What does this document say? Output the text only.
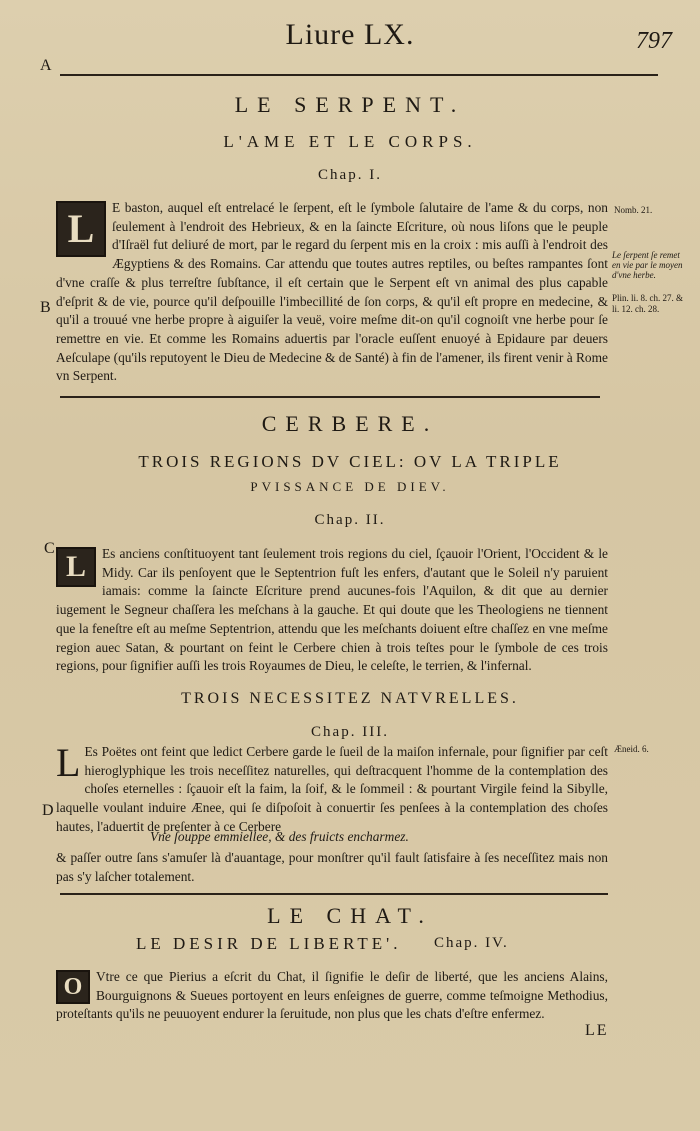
Liure LX.	797
A
LE SERPENT.
L'AME ET LE CORPS.
Chap. I.

L	E baston, auquel eſt entrelacé le ſerpent, eſt le ſymbole ſalutaire de l'ame & du corps, non ſeulement à l'endroit des Hebrieux, & en la ſaincte Eſcriture, où nous liſons que le peuple d'Iſraël fut deliuré de mort, par le regard du ſerpent mis en la croix : mis auſſi à l'endroit des Ægyptiens & des Romains. Car attendu que toutes autres reptiles, ou beſtes rampantes ſont d'vne craſſe & plus terreſtre ſubſtance, il eſt certain que le Serpent eſt vn animal des plus capable d'eſprit & de vie, pource qu'il deſpouille l'imbecillité de ſon corps, & qu'il eſt propre en medecine, & qu'il a trouué vne herbe propre à aiguiſer la veuë, voire meſme dit-on qu'il cognoiſt vne herbe pour ſe remettre en vie. Et comme les Romains aduertis par l'oracle euſſent enuoyé à Epidaure par deuers Aeſculape (qu'ils reputoyent le Dieu de Medecine & de Santé) à fin de l'amener, ils firent venir à Rome vn Serpent.

B
Nomb. 21.
Le ſerpent ſe remet en vie par le moyen d'vne herbe.
Plin. li. 8. ch. 27. & li. 12. ch. 28.
CERBERE.
TROIS REGIONS DV CIEL: OV LA TRIPLE
PVISSANCE DE DIEV.
Chap. II.
C

L	Es anciens conſtituoyent tant ſeulement trois regions du ciel, ſçauoir l'Orient, l'Occident & le Midy. Car ils penſoyent que le Septentrion fuſt les enfers, d'autant que le Soleil n'y paruient iamais: comme la ſaincte Eſcriture prend aucunes-fois l'Aquilon, & dit que au dernier iugement le Segneur chaſſera les meſchans à la gauche. Et qui doute que les Theologiens ne tiennent que la feneſtre eſt au meſme Septentrion, attendu que les meſchants doiuent eſtre chaſſez en vne meſme region auec Satan, & pourtant on feint le Cerbere chien à trois teſtes pour le ſymbole de ces trois regions, pour ſignifier auſſi les trois Royaumes de Dieu, le celeſte, le terrien, & l'infernal.

TROIS NECESSITEZ NATVRELLES.
Chap. III.

L Es Poëtes ont feint que ledict Cerbere garde le ſueil de la maiſon infernale, pour ſignifier par ceſt hieroglyphique les trois neceſſitez naturelles, qui deſtracquent l'homme de la contemplation des choſes eternelles : ſçauoir eſt la faim, la ſoif, & le ſommeil : & pourtant Virgile feind la Sibylle, laquelle voulant induire Ænee, qui ſe diſpoſoit à conuertir ſes penſees à la contemplation des choſes hautes, l'aduertit de preſenter à ce Cerbere

Æneid. 6.
D
Vne ſouppe emmiellee, & des fruicts encharmez.

& paſſer outre ſans s'amuſer là d'auantage, pour monſtrer qu'il fault ſatisfaire à ſes neceſſitez mais non pas s'y laſcher totalement.

LE CHAT.
LE DESIR DE LIBERTE'. Chap. IV.

O	Vtre ce que Pierius a eſcrit du Chat, il ſignifie le deſir de liberté, que les anciens Alains, Bourguignons & Sueues portoyent en leurs enſeignes de guerre, comme teſmoigne Methodius, proteſtants qu'ils ne peuuoyent endurer la ſeruitude, non plus que les chats d'eſtre enfermez.

LE
